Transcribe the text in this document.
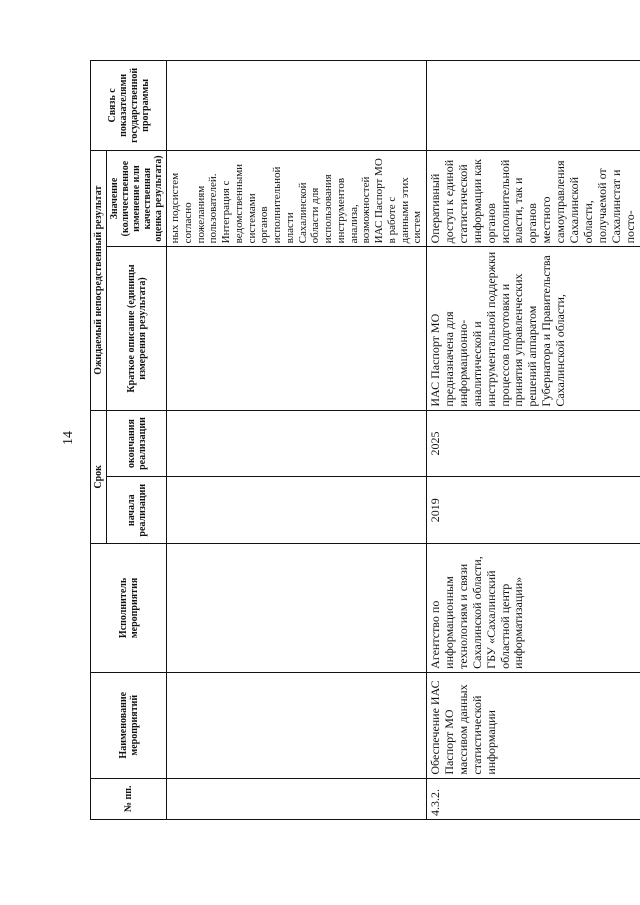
14
№ пп.	Наименование мероприятий	Исполнитель мероприятия	Срок		Ожидаемый непосредственный результат		Связь с показателями государственной программы
			начала реализации	окончания реализации	Краткое описание (единицы измерения результата)	Значение (количественное изменение или качественная оценка результата)	
						ных подсистем согласно пожеланиям пользователей. Интеграция с ведомственными системами органов исполнительной власти Сахалинской области для использования инструментов анализа, возможностей ИАС Паспорт МО в работе с данными этих систем	
4.3.2.	Обеспечение ИАС Паспорт МО массивом данных статистической информации	Агентство по информационным технологиям и связи Сахалинской области, ГБУ «Сахалинский областной центр информатизации»	2019	2025	ИАС Паспорт МО предназначена для информационно-аналитической и инструментальной поддержки процессов подготовки и принятия управленческих решений аппаратом Губернатора и Правительства Сахалинской области,	Оперативный доступ к единой статистической информации как органов исполнительной власти, так и органов местного самоуправления Сахалинской области, получаемой от Сахалинстат и посто-	
